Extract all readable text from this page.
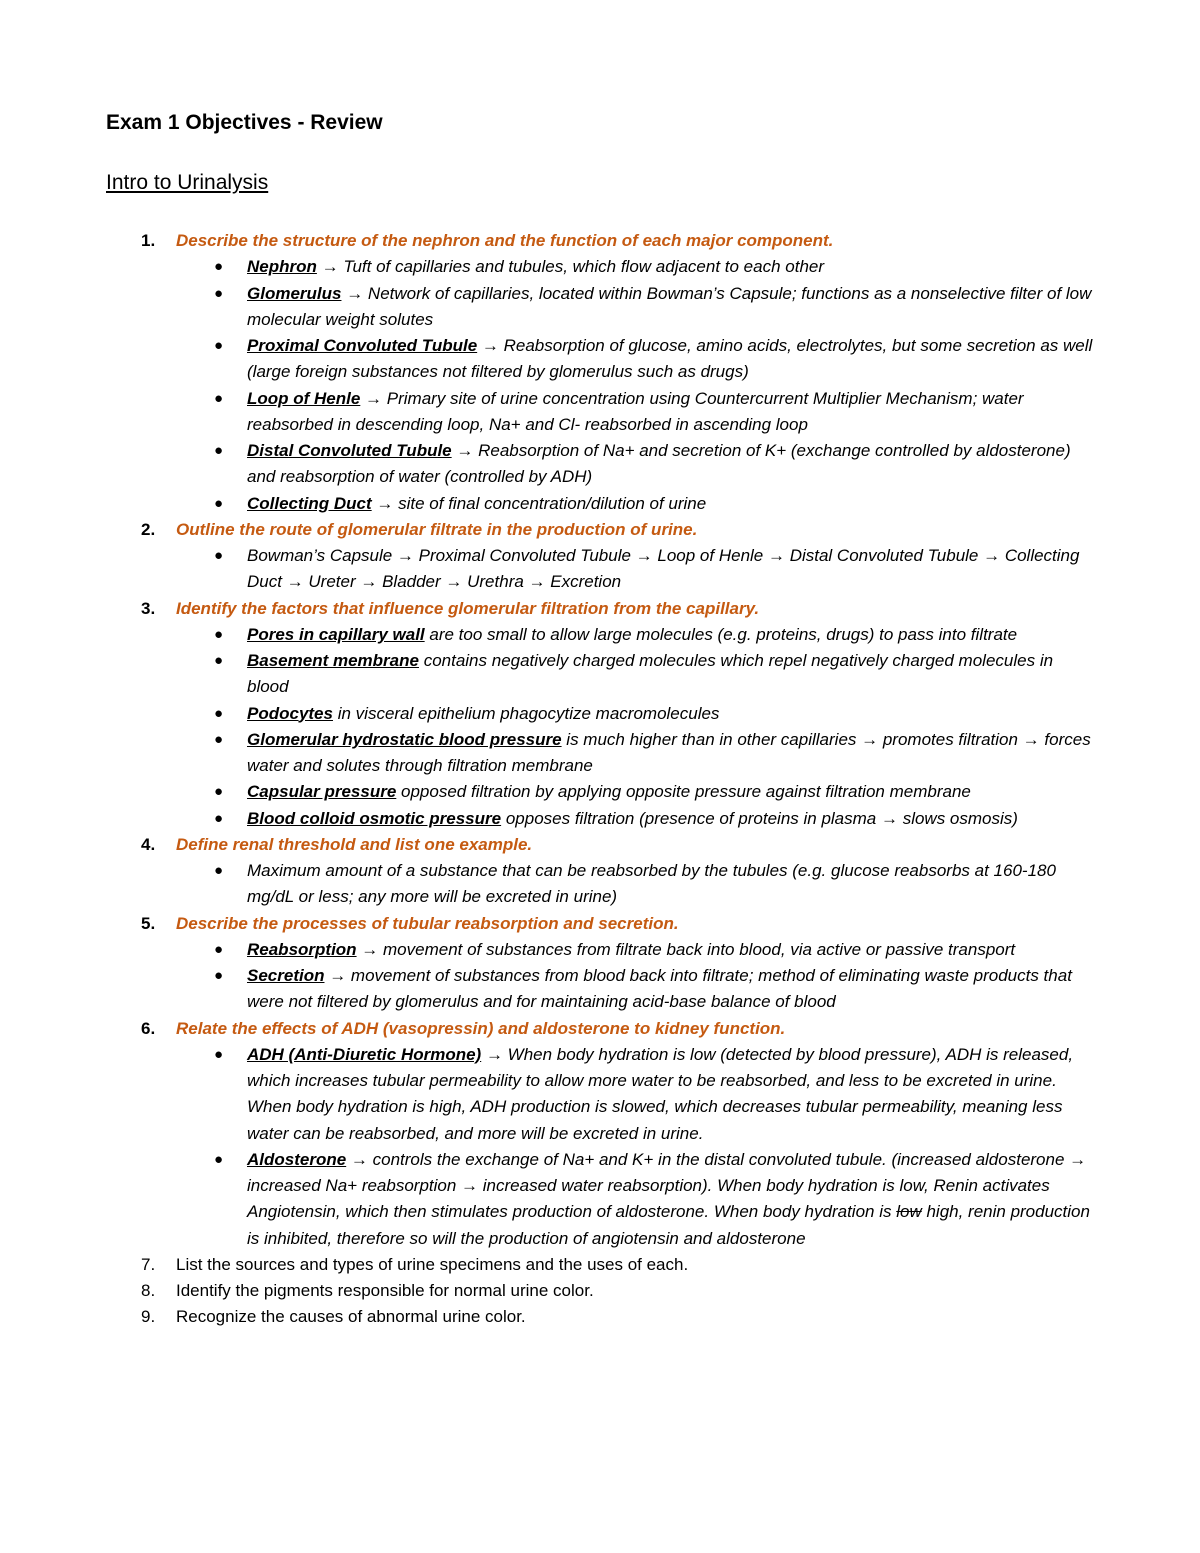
Exam 1 Objectives - Review
Intro to Urinalysis
1. Describe the structure of the nephron and the function of each major component.
● Nephron → Tuft of capillaries and tubules, which flow adjacent to each other
● Glomerulus → Network of capillaries, located within Bowman’s Capsule; functions as a nonselective filter of low molecular weight solutes
● Proximal Convoluted Tubule → Reabsorption of glucose, amino acids, electrolytes, but some secretion as well (large foreign substances not filtered by glomerulus such as drugs)
● Loop of Henle → Primary site of urine concentration using Countercurrent Multiplier Mechanism; water reabsorbed in descending loop, Na+ and Cl- reabsorbed in ascending loop
● Distal Convoluted Tubule → Reabsorption of Na+ and secretion of K+ (exchange controlled by aldosterone) and reabsorption of water (controlled by ADH)
● Collecting Duct → site of final concentration/dilution of urine
2. Outline the route of glomerular filtrate in the production of urine.
● Bowman’s Capsule → Proximal Convoluted Tubule → Loop of Henle → Distal Convoluted Tubule → Collecting Duct → Ureter → Bladder → Urethra → Excretion
3. Identify the factors that influence glomerular filtration from the capillary.
● Pores in capillary wall are too small to allow large molecules (e.g. proteins, drugs) to pass into filtrate
● Basement membrane contains negatively charged molecules which repel negatively charged molecules in blood
● Podocytes in visceral epithelium phagocytize macromolecules
● Glomerular hydrostatic blood pressure is much higher than in other capillaries → promotes filtration → forces water and solutes through filtration membrane
● Capsular pressure opposed filtration by applying opposite pressure against filtration membrane
● Blood colloid osmotic pressure opposes filtration (presence of proteins in plasma → slows osmosis)
4. Define renal threshold and list one example.
● Maximum amount of a substance that can be reabsorbed by the tubules (e.g. glucose reabsorbs at 160-180 mg/dL or less; any more will be excreted in urine)
5. Describe the processes of tubular reabsorption and secretion.
● Reabsorption → movement of substances from filtrate back into blood, via active or passive transport
● Secretion → movement of substances from blood back into filtrate; method of eliminating waste products that were not filtered by glomerulus and for maintaining acid-base balance of blood
6. Relate the effects of ADH (vasopressin) and aldosterone to kidney function.
● ADH (Anti-Diuretic Hormone) → When body hydration is low (detected by blood pressure), ADH is released, which increases tubular permeability to allow more water to be reabsorbed, and less to be excreted in urine. When body hydration is high, ADH production is slowed, which decreases tubular permeability, meaning less water can be reabsorbed, and more will be excreted in urine.
● Aldosterone → controls the exchange of Na+ and K+ in the distal convoluted tubule. (increased aldosterone → increased Na+ reabsorption → increased water reabsorption). When body hydration is low, Renin activates Angiotensin, which then stimulates production of aldosterone. When body hydration is low high, renin production is inhibited, therefore so will the production of angiotensin and aldosterone
7. List the sources and types of urine specimens and the uses of each.
8. Identify the pigments responsible for normal urine color.
9. Recognize the causes of abnormal urine color.
